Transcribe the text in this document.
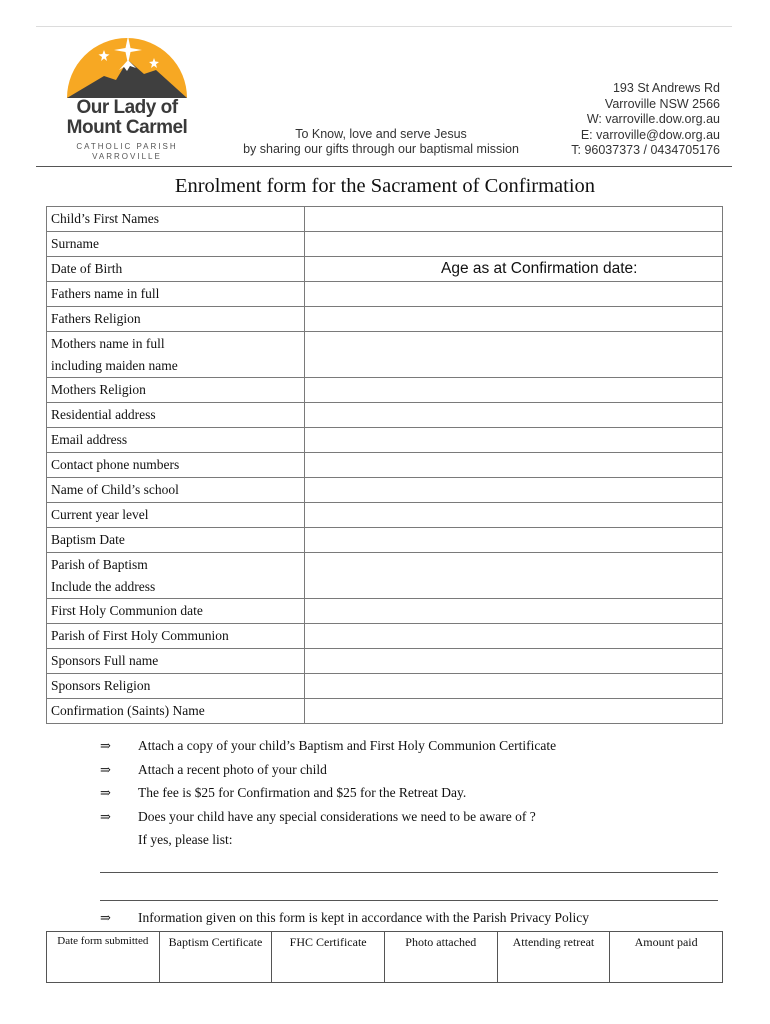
Our Lady of
Mount Carmel
CATHOLIC PARISH
VARROVILLE
To Know, love and serve Jesus
by sharing our gifts through our baptismal mission
193 St Andrews Rd
Varroville NSW 2566
W: varroville.dow.org.au
E: varroville@dow.org.au
T: 96037373 / 0434705176
Enrolment form for the Sacrament of Confirmation
Child’s First Names	
Surname	
Date of Birth	Age as at Confirmation date:
Fathers name in full	
Fathers Religion	

Mothers name in full
including maiden name	

Mothers Religion	
Residential address	
Email address	
Contact phone numbers	
Name of Child’s school	
Current year level	
Baptism Date	

Parish of Baptism
Include the address	

First Holy Communion date	
Parish of First Holy Communion	
Sponsors Full name	
Sponsors Religion	
Confirmation (Saints) Name	
⇒ Attach a copy of your child’s Baptism and First Holy Communion Certificate
⇒ Attach a recent photo of your child
⇒ The fee is $25 for Confirmation and $25 for the Retreat Day.
⇒ Does your child have any special considerations we need to be aware of ?
If yes, please list:
⇒ Information given on this form is kept in accordance with the Parish Privacy Policy
Date form submitted	Baptism Certificate	FHC Certificate	Photo attached	Attending retreat	Amount paid
